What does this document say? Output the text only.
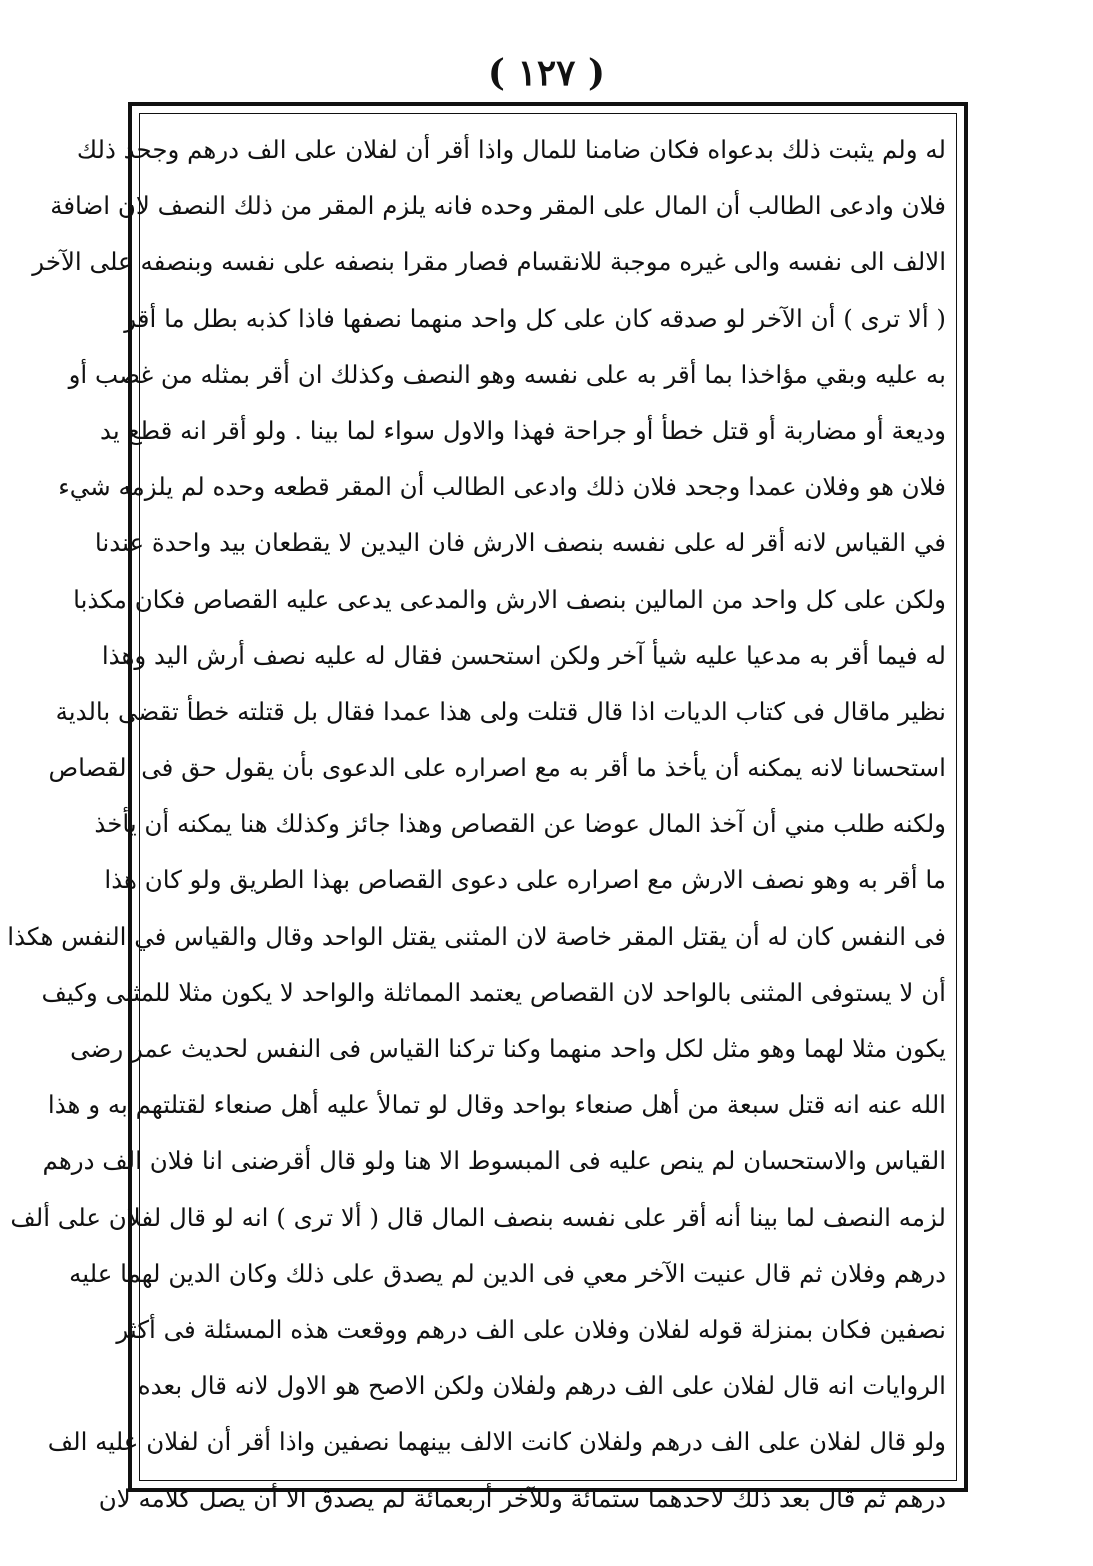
( ١٢٧ )
له ولم يثبت ذلك بدعواه فكان ضامنا للمال واذا أقر أن لفلان على الف درهم وجحد ذلك
فلان وادعى الطالب أن المال على المقر وحده فانه يلزم المقر من ذلك النصف لان اضافة
الالف الى نفسه والى غيره موجبة للانقسام فصار مقرا بنصفه على نفسه وبنصفه على الآخر
( ألا ترى ) أن الآخر لو صدقه كان على كل واحد منهما نصفها فاذا كذبه بطل ما أقر
به عليه وبقي مؤاخذا بما أقر به على نفسه وهو النصف وكذلك ان أقر بمثله من غصب أو
وديعة أو مضاربة أو قتل خطأ أو جراحة فهذا والاول سواء لما بينا . ولو أقر انه قطع يد
فلان هو وفلان عمدا وجحد فلان ذلك وادعى الطالب أن المقر قطعه وحده لم يلزمه شيء
في القياس لانه أقر له على نفسه بنصف الارش فان اليدين لا يقطعان بيد واحدة عندنا
ولكن على كل واحد من المالين بنصف الارش والمدعى يدعى عليه القصاص فكان مكذبا
له فيما أقر به مدعيا عليه شيأ آخر ولكن استحسن فقال له عليه نصف أرش اليد وهذا
نظير ماقال فى كتاب الديات اذا قال قتلت ولى هذا عمدا فقال بل قتلته خطأ تقضى بالدية
استحسانا لانه يمكنه أن يأخذ ما أقر به مع اصراره على الدعوى بأن يقول حق فى القصاص
ولكنه طلب مني أن آخذ المال عوضا عن القصاص وهذا جائز وكذلك هنا يمكنه أن يأخذ
ما أقر به وهو نصف الارش مع اصراره على دعوى القصاص بهذا الطريق ولو كان هذا
فى النفس كان له أن يقتل المقر خاصة لان المثنى يقتل الواحد وقال والقياس في النفس هكذا
أن لا يستوفى المثنى بالواحد لان القصاص يعتمد المماثلة والواحد لا يكون مثلا للمثنى وكيف
يكون مثلا لهما وهو مثل لكل واحد منهما وكنا تركنا القياس فى النفس لحديث عمر رضى
الله عنه انه قتل سبعة من أهل صنعاء بواحد وقال لو تمالأ عليه أهل صنعاء لقتلتهم به و هذا
القياس والاستحسان لم ينص عليه فى المبسوط الا هنا ولو قال أقرضنى انا فلان الف درهم
لزمه النصف لما بينا أنه أقر على نفسه بنصف المال قال ( ألا ترى ) انه لو قال لفلان على ألف
درهم وفلان ثم قال عنيت الآخر معي فى الدين لم يصدق على ذلك وكان الدين لهما عليه
نصفين فكان بمنزلة قوله لفلان وفلان على الف درهم ووقعت هذه المسئلة فى أكثر
الروايات انه قال لفلان على الف درهم ولفلان ولكن الاصح هو الاول لانه قال بعده
ولو قال لفلان على الف درهم ولفلان كانت الالف بينهما نصفين واذا أقر أن لفلان عليه الف
درهم ثم قال بعد ذلك لاحدهما ستمائة وللآخر أربعمائة لم يصدق الا أن يصل كلامه لان
